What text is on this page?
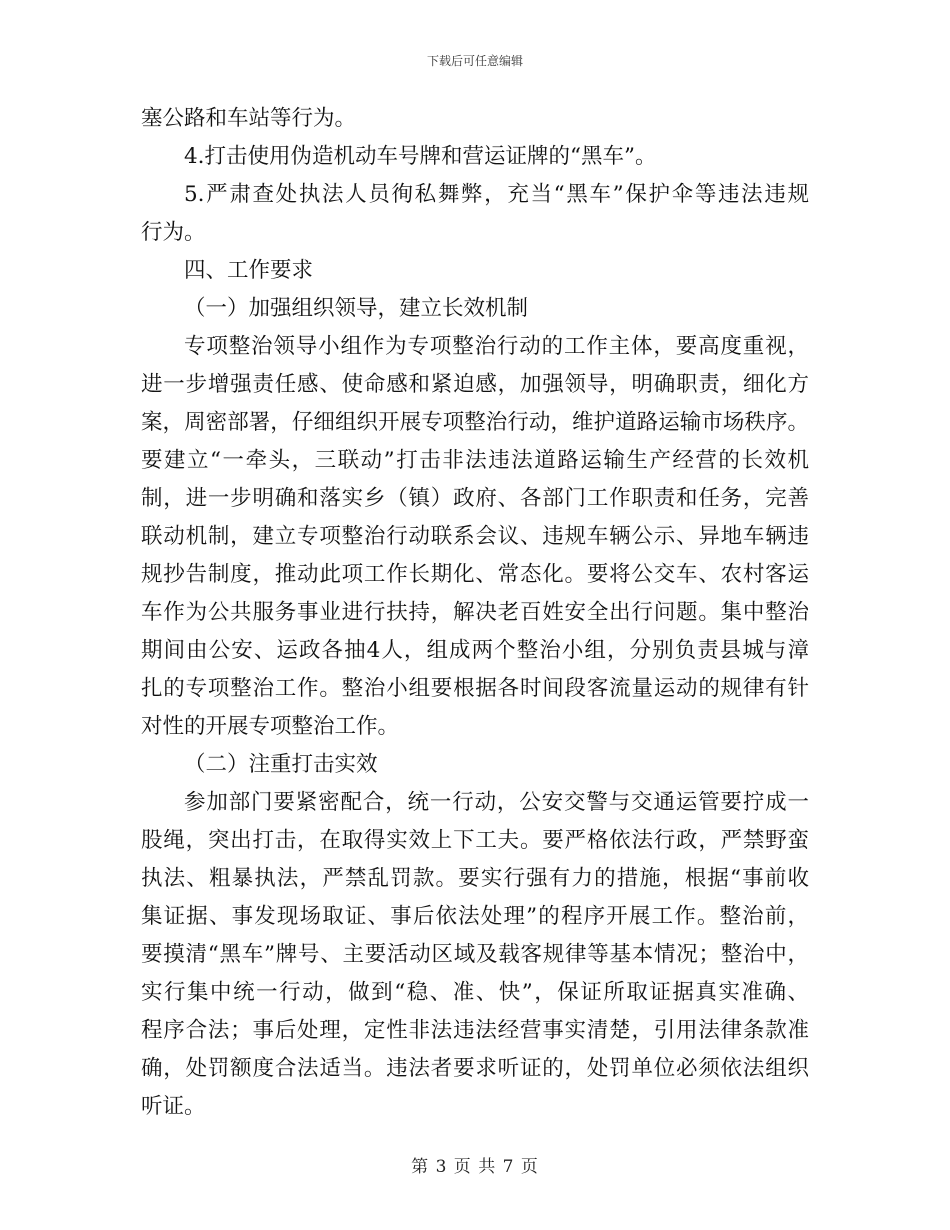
下载后可任意编辑
塞公路和车站等行为。
4.打击使用伪造机动车号牌和营运证牌的“黑车”。
5.严肃查处执法人员徇私舞弊，充当“黑车”保护伞等违法违规
行为。
四、工作要求
（一）加强组织领导，建立长效机制
专项整治领导小组作为专项整治行动的工作主体，要高度重视，
进一步增强责任感、使命感和紧迫感，加强领导，明确职责，细化方
案，周密部署，仔细组织开展专项整治行动，维护道路运输市场秩序。
要建立“一牵头，三联动”打击非法违法道路运输生产经营的长效机
制，进一步明确和落实乡（镇）政府、各部门工作职责和任务，完善
联动机制，建立专项整治行动联系会议、违规车辆公示、异地车辆违
规抄告制度，推动此项工作长期化、常态化。要将公交车、农村客运
车作为公共服务事业进行扶持，解决老百姓安全出行问题。集中整治
期间由公安、运政各抽4人，组成两个整治小组，分别负责县城与漳
扎的专项整治工作。整治小组要根据各时间段客流量运动的规律有针
对性的开展专项整治工作。
（二）注重打击实效
参加部门要紧密配合，统一行动，公安交警与交通运管要拧成一
股绳，突出打击，在取得实效上下工夫。要严格依法行政，严禁野蛮
执法、粗暴执法，严禁乱罚款。要实行强有力的措施，根据“事前收
集证据、事发现场取证、事后依法处理”的程序开展工作。整治前，
要摸清“黑车”牌号、主要活动区域及载客规律等基本情况；整治中，
实行集中统一行动，做到“稳、准、快”，保证所取证据真实准确、
程序合法；事后处理，定性非法违法经营事实清楚，引用法律条款准
确，处罚额度合法适当。违法者要求听证的，处罚单位必须依法组织
听证。
第 3 页 共 7 页
